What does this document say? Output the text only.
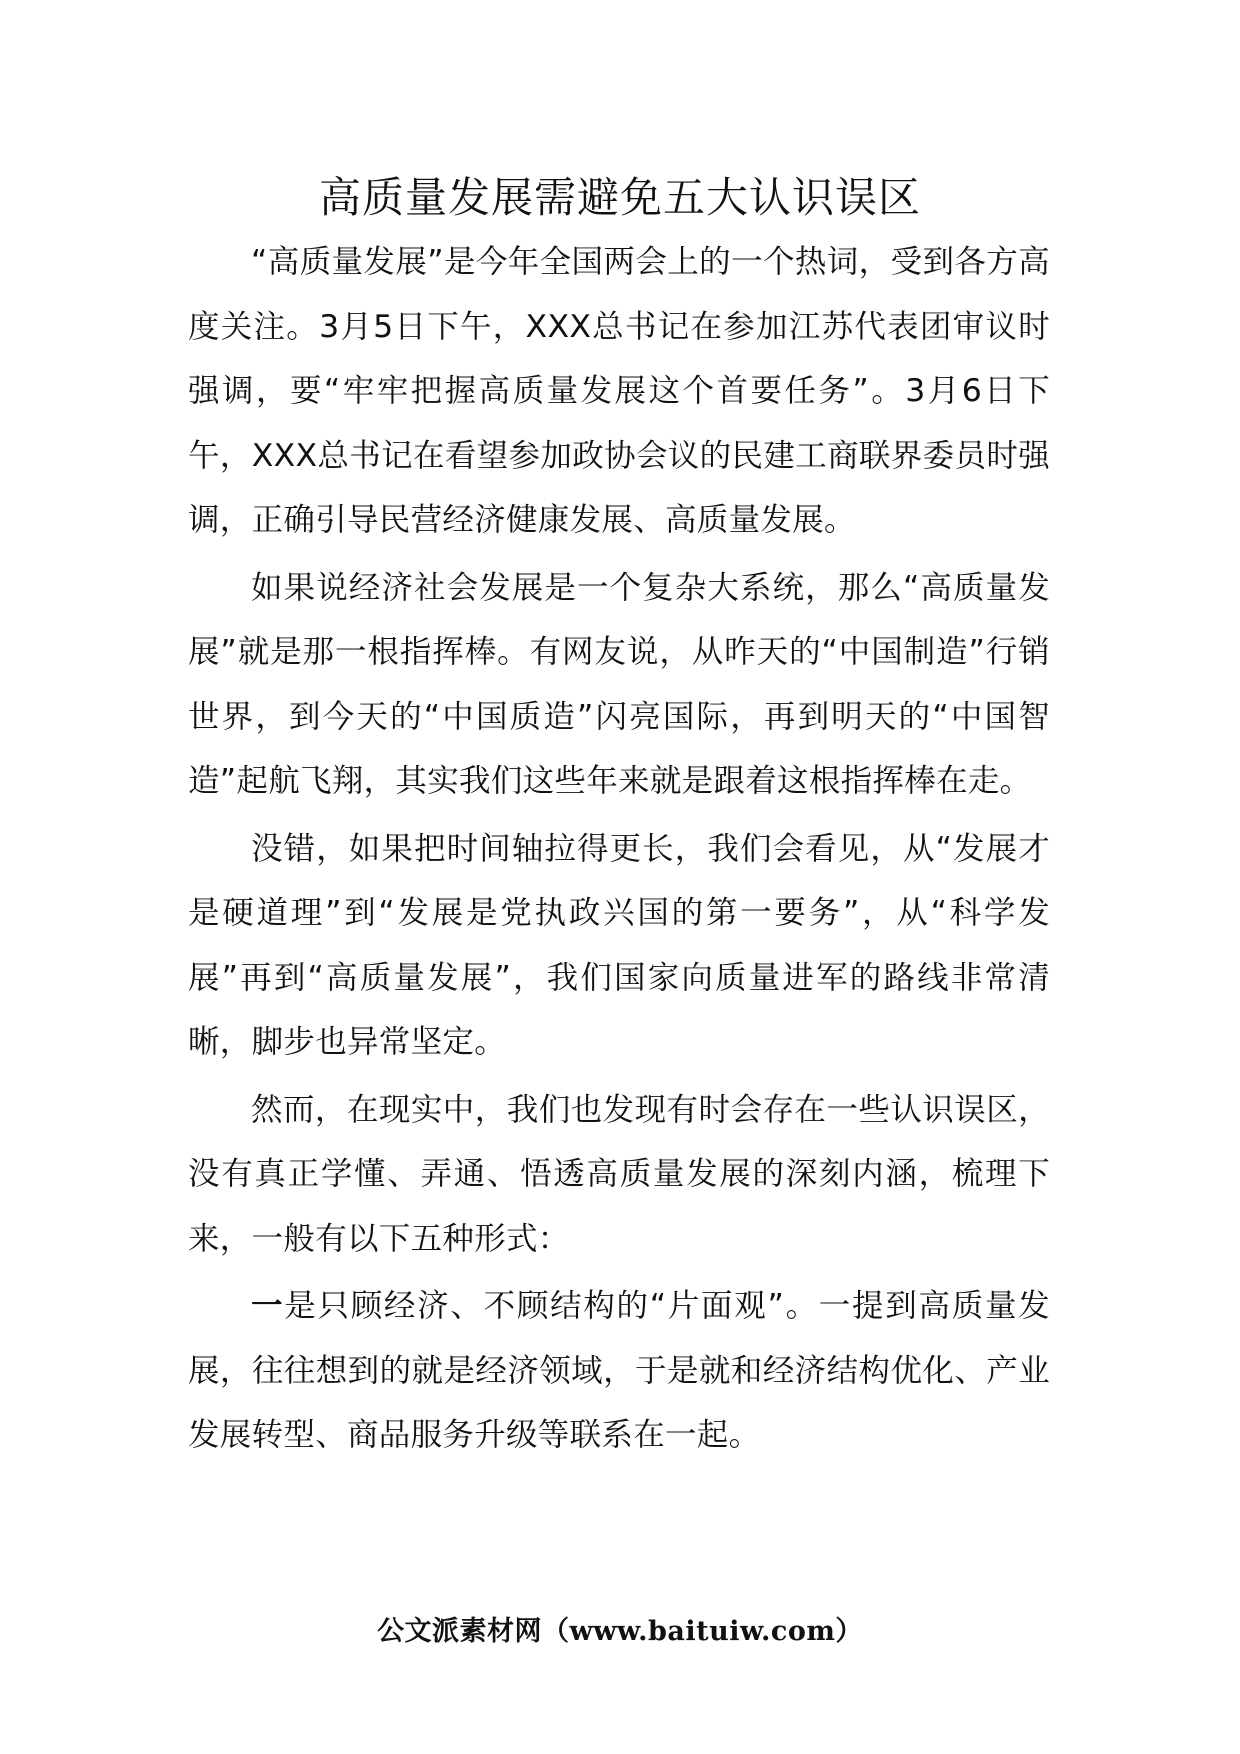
高质量发展需避免五大认识误区

“高质量发展”是今年全国两会上的一个热词，受到各方高度关注。3月5日下午，XXX总书记在参加江苏代表团审议时强调，要“牢牢把握高质量发展这个首要任务”。3月6日下午，XXX总书记在看望参加政协会议的民建工商联界委员时强调，正确引导民营经济健康发展、高质量发展。

如果说经济社会发展是一个复杂大系统，那么“高质量发展”就是那一根指挥棒。有网友说，从昨天的“中国制造”行销世界，到今天的“中国质造”闪亮国际，再到明天的“中国智造”起航飞翔，其实我们这些年来就是跟着这根指挥棒在走。

没错，如果把时间轴拉得更长，我们会看见，从“发展才是硬道理”到“发展是党执政兴国的第一要务”，从“科学发展”再到“高质量发展”，我们国家向质量进军的路线非常清晰，脚步也异常坚定。

然而，在现实中，我们也发现有时会存在一些认识误区，没有真正学懂、弄通、悟透高质量发展的深刻内涵，梳理下来，一般有以下五种形式：

一是只顾经济、不顾结构的“片面观”。一提到高质量发展，往往想到的就是经济领域，于是就和经济结构优化、产业发展转型、商品服务升级等联系在一起。

公文派素材网（www.baituiw.com）
